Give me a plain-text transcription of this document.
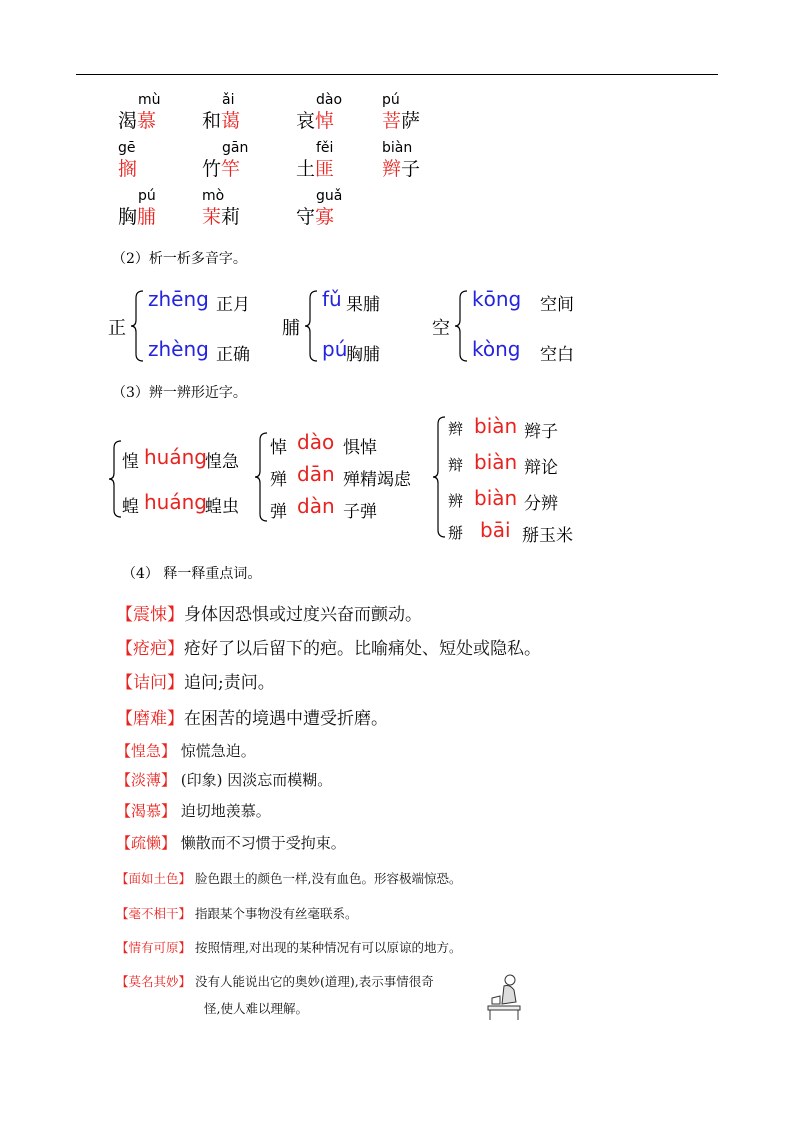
mù
渴慕
ǎi
和蔼
dào
哀悼
pú
菩萨
gē
搁
gān
竹竿
fěi
土匪
biàn
辫子
pú
胸脯
mò
茉莉
guǎ
守寡
（2）析一析多音字。
正
zhēng 正月
zhèng 正确
脯
fǔ 果脯
pú
胸脯
空
kōng 空间
kòng 空白
（3）辨一辨形近字。
惶 huáng
惶急
蝗 huáng
蝗虫
悼 dào 惧悼
殚 dān 殚精竭虑
弹 dàn 子弹
辫 biàn 辫子
辩 biàn 辩论
辨 biàn 分辨
掰 bāi 掰玉米
（4） 释一释重点词。
【震悚】身体因恐惧或过度兴奋而颤动。
【疮疤】疮好了以后留下的疤。比喻痛处、短处或隐私。
【诘问】追问;责问。
【磨难】在困苦的境遇中遭受折磨。
【惶急】 惊慌急迫。
【淡薄】 (印象) 因淡忘而模糊。
【渴慕】 迫切地羡慕。
【疏懒】 懒散而不习惯于受拘束。
【面如土色】 脸色跟土的颜色一样,没有血色。形容极端惊恐。
【毫不相干】 指跟某个事物没有丝毫联系。
【情有可原】 按照情理,对出现的某种情况有可以原谅的地方。
【莫名其妙】 没有人能说出它的奥妙(道理),表示事情很奇
怪,使人难以理解。
